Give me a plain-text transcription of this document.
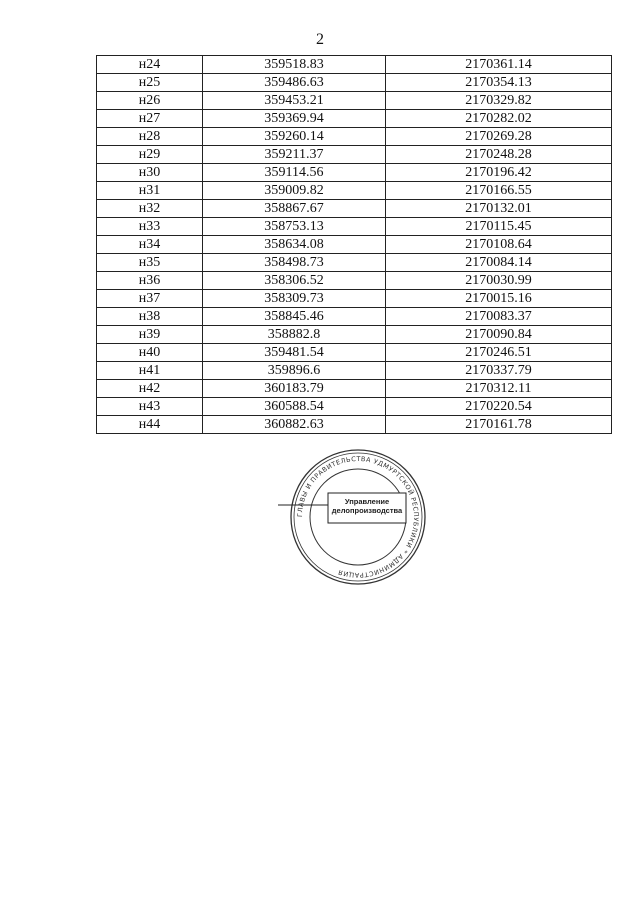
2
н24	359518.83	2170361.14
н25	359486.63	2170354.13
н26	359453.21	2170329.82
н27	359369.94	2170282.02
н28	359260.14	2170269.28
н29	359211.37	2170248.28
н30	359114.56	2170196.42
н31	359009.82	2170166.55
н32	358867.67	2170132.01
н33	358753.13	2170115.45
н34	358634.08	2170108.64
н35	358498.73	2170084.14
н36	358306.52	2170030.99
н37	358309.73	2170015.16
н38	358845.46	2170083.37
н39	358882.8	2170090.84
н40	359481.54	2170246.51
н41	359896.6	2170337.79
н42	360183.79	2170312.11
н43	360588.54	2170220.54
н44	360882.63	2170161.78
ГЛАВЫ И ПРАВИТЕЛЬСТВА УДМУРТСКОЙ РЕСПУБЛИКИ * АДМИНИСТРАЦИЯ
Управление
делопроизводства
